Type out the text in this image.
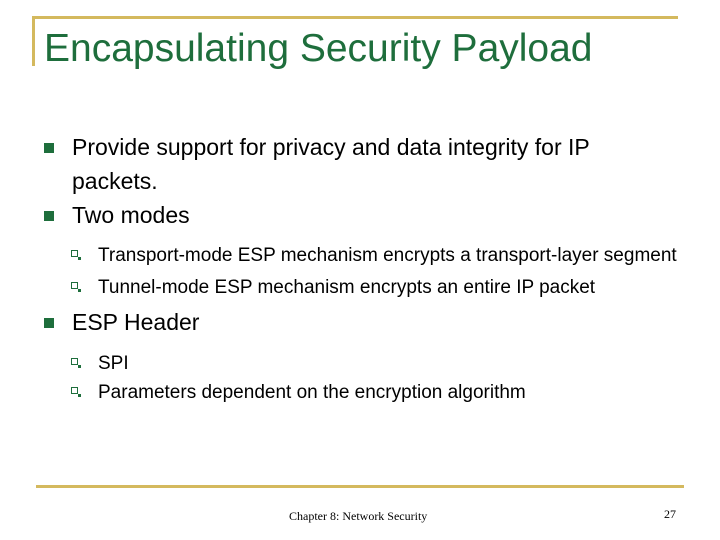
Encapsulating Security Payload
Provide support for privacy and data integrity for IP packets.
Two modes
Transport-mode ESP mechanism encrypts a transport-layer segment
Tunnel-mode ESP mechanism encrypts an entire IP packet
ESP Header
SPI
Parameters dependent on the encryption algorithm
Chapter 8: Network Security	27
